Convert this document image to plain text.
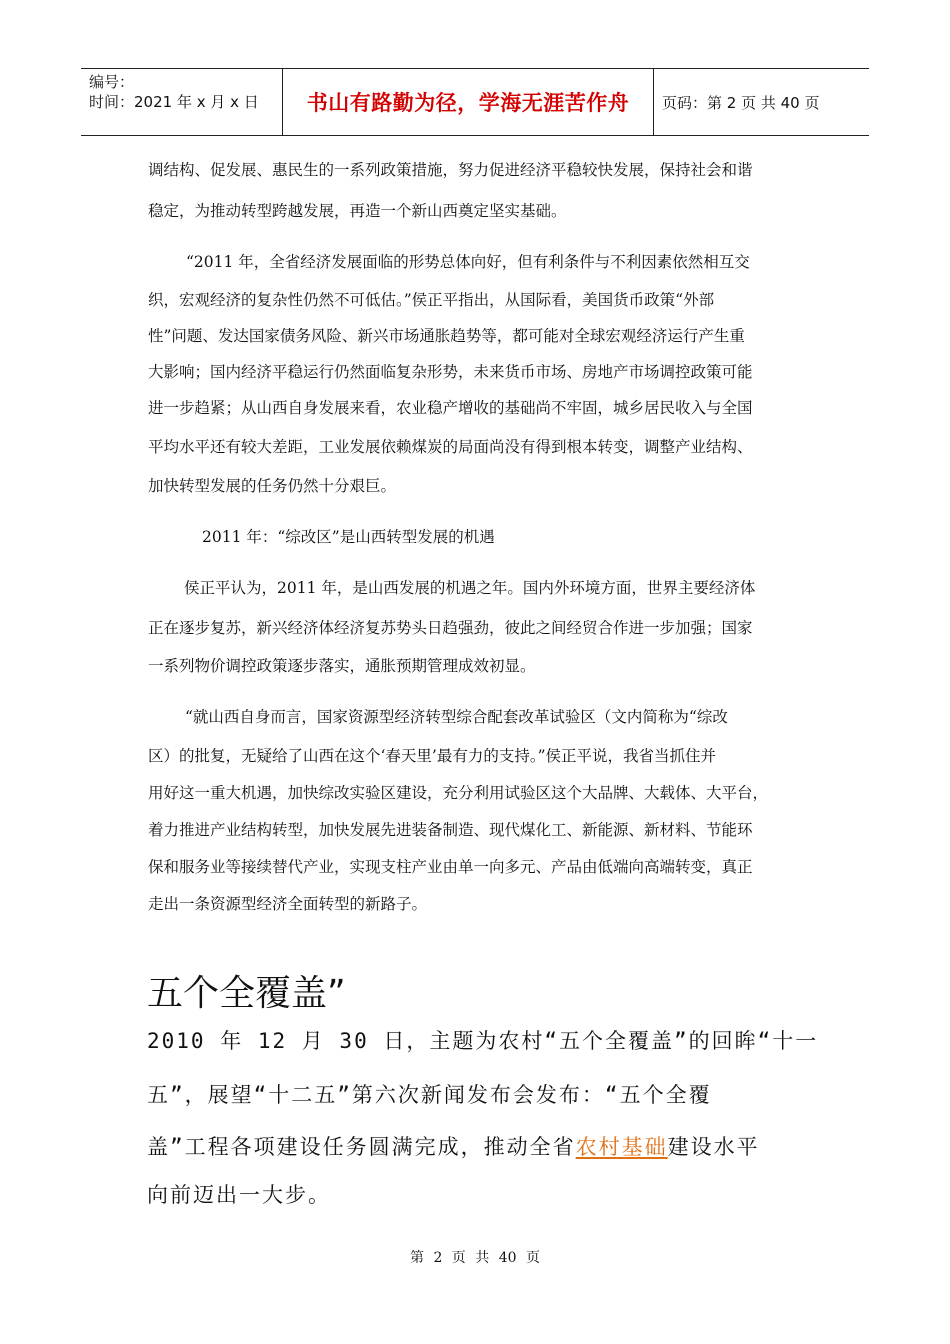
编号：
时间：2021 年 x 月 x 日	书山有路勤为径，学海无涯苦作舟 页码：第 2 页 共 40 页
调结构、促发展、惠民生的一系列政策措施，努力促进经济平稳较快发展，保持社会和谐
稳定，为推动转型跨越发展，再造一个新山西奠定坚实基础。
“2011 年，全省经济发展面临的形势总体向好，但有利条件与不利因素依然相互交
织，宏观经济的复杂性仍然不可低估。”侯正平指出，从国际看，美国货币政策“外部
性”问题、发达国家债务风险、新兴市场通胀趋势等，都可能对全球宏观经济运行产生重
大影响；国内经济平稳运行仍然面临复杂形势，未来货币市场、房地产市场调控政策可能
进一步趋紧；从山西自身发展来看，农业稳产增收的基础尚不牢固，城乡居民收入与全国
平均水平还有较大差距，工业发展依赖煤炭的局面尚没有得到根本转变，调整产业结构、
加快转型发展的任务仍然十分艰巨。
2011 年：“综改区”是山西转型发展的机遇
侯正平认为，2011 年，是山西发展的机遇之年。国内外环境方面，世界主要经济体
正在逐步复苏，新兴经济体经济复苏势头日趋强劲，彼此之间经贸合作进一步加强；国家
一系列物价调控政策逐步落实，通胀预期管理成效初显。
“就山西自身而言，国家资源型经济转型综合配套改革试验区（文内简称为“综改
区）的批复，无疑给了山西在这个‘春天里’最有力的支持。”侯正平说，我省当抓住并
用好这一重大机遇，加快综改实验区建设，充分利用试验区这个大品牌、大载体、大平台，
着力推进产业结构转型，加快发展先进装备制造、现代煤化工、新能源、新材料、节能环
保和服务业等接续替代产业，实现支柱产业由单一向多元、产品由低端向高端转变，真正
走出一条资源型经济全面转型的新路子。
五个全覆盖”
2010 年 12 月 30 日，主题为农村“五个全覆盖”的回眸“十一
五”，展望“十二五”第六次新闻发布会发布：“五个全覆
盖”工程各项建设任务圆满完成，推动全省农村基础建设水平
向前迈出一大步。
第 2 页 共 40 页
